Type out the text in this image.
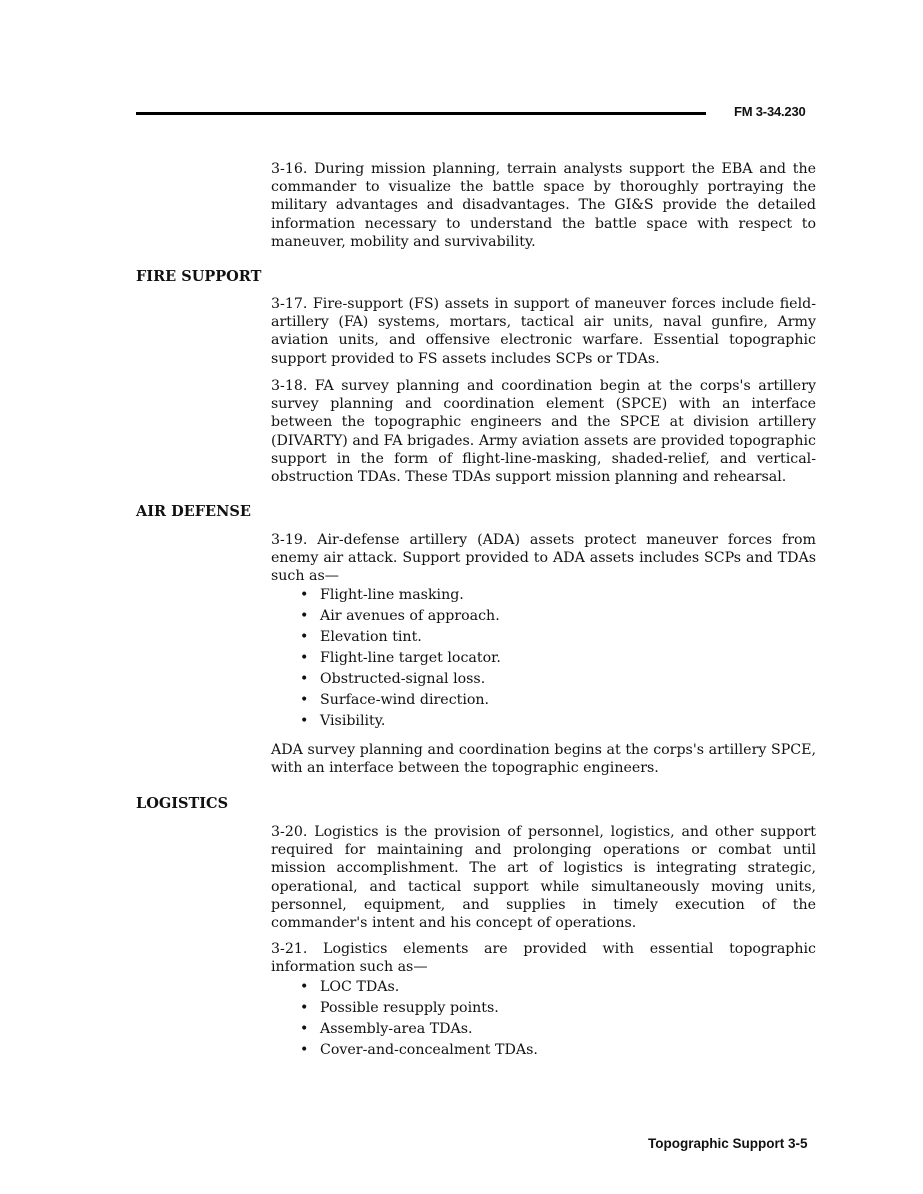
FM 3-34.230

3-16. During mission planning, terrain analysts support the EBA and the commander to visualize the battle space by thoroughly portraying the military advantages and disadvantages. The GI&S provide the detailed information necessary to understand the battle space with respect to maneuver, mobility and survivability.

FIRE SUPPORT

3-17. Fire-support (FS) assets in support of maneuver forces include field-artillery (FA) systems, mortars, tactical air units, naval gunfire, Army aviation units, and offensive electronic warfare. Essential topographic support provided to FS assets includes SCPs or TDAs.

3-18. FA survey planning and coordination begin at the corps's artillery survey planning and coordination element (SPCE) with an interface between the topographic engineers and the SPCE at division artillery (DIVARTY) and FA brigades. Army aviation assets are provided topographic support in the form of flight-line-masking, shaded-relief, and vertical-obstruction TDAs. These TDAs support mission planning and rehearsal.

AIR DEFENSE

3-19. Air-defense artillery (ADA) assets protect maneuver forces from enemy air attack. Support provided to ADA assets includes SCPs and TDAs such as—

• Flight-line masking.
• Air avenues of approach.
• Elevation tint.
• Flight-line target locator.
• Obstructed-signal loss.
• Surface-wind direction.
• Visibility.

ADA survey planning and coordination begins at the corps's artillery SPCE, with an interface between the topographic engineers.

LOGISTICS

3-20. Logistics is the provision of personnel, logistics, and other support required for maintaining and prolonging operations or combat until mission accomplishment. The art of logistics is integrating strategic, operational, and tactical support while simultaneously moving units, personnel, equipment, and supplies in timely execution of the commander's intent and his concept of operations.

3-21. Logistics elements are provided with essential topographic information such as—

• LOC TDAs.
• Possible resupply points.
• Assembly-area TDAs.
• Cover-and-concealment TDAs.
Topographic Support 3-5
